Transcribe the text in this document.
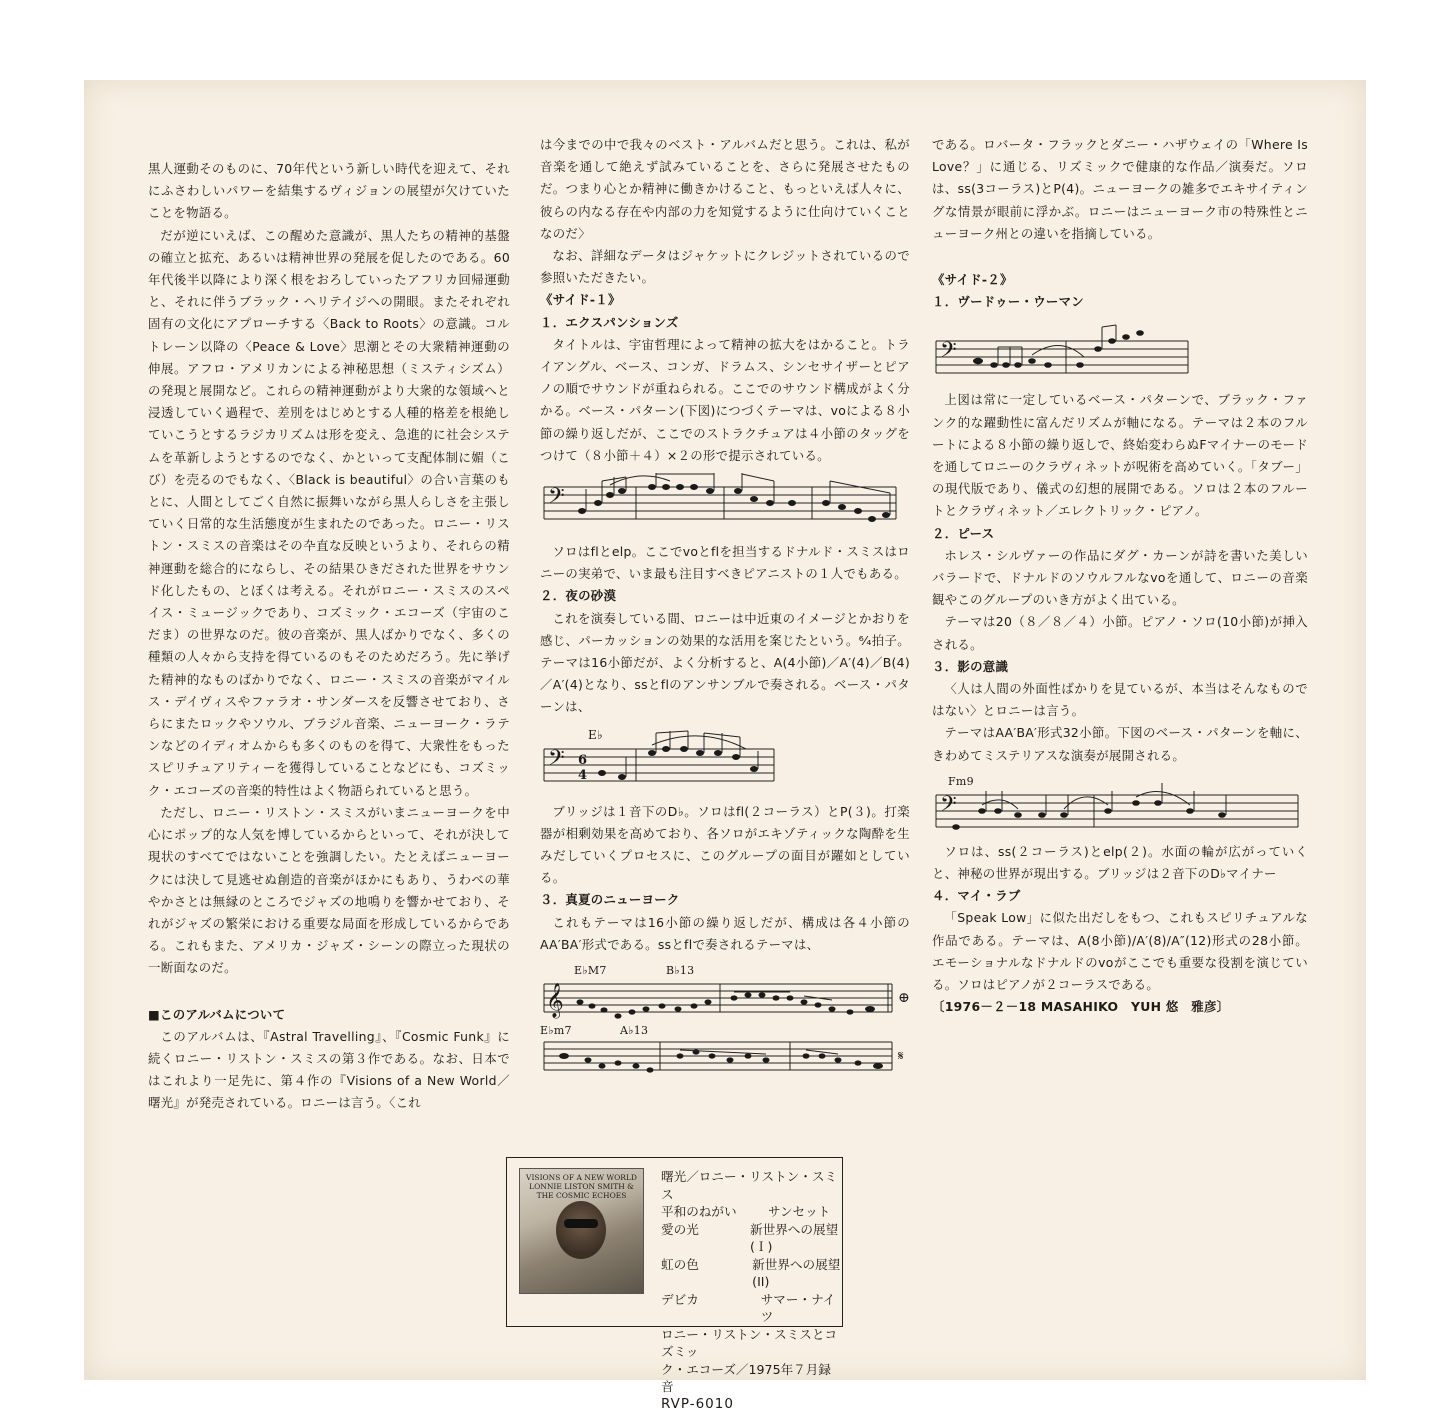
黒人運動そのものに、70年代という新しい時代を迎えて、それにふさわしいパワーを結集するヴィジョンの展望が欠けていたことを物語る。

だが逆にいえば、この醒めた意識が、黒人たちの精神的基盤の確立と拡充、あるいは精神世界の発展を促したのである。60年代後半以降により深く根をおろしていったアフリカ回帰運動と、それに伴うブラック・ヘリテイジへの開眼。またそれぞれ固有の文化にアプローチする〈Back to Roots〉の意識。コルトレーン以降の〈Peace & Love〉思潮とその大衆精神運動の伸展。アフロ・アメリカンによる神秘思想（ミスティシズム）の発現と展開など。これらの精神運動がより大衆的な領域へと浸透していく過程で、差別をはじめとする人種的格差を根絶していこうとするラジカリズムは形を変え、急進的に社会システムを革新しようとするのでなく、かといって支配体制に媚（こび）を売るのでもなく、〈Black is beautiful〉の合い言葉のもとに、人間としてごく自然に振舞いながら黒人らしさを主張していく日常的な生活態度が生まれたのであった。ロニー・リストン・スミスの音楽はその卆直な反映というより、それらの精神運動を総合的にならし、その結果ひきだされた世界をサウンド化したもの、とぼくは考える。それがロニー・スミスのスペイス・ミュージックであり、コズミック・エコーズ（宇宙のこだま）の世界なのだ。彼の音楽が、黒人ばかりでなく、多くの種類の人々から支持を得ているのもそのためだろう。先に挙げた精神的なものばかりでなく、ロニー・スミスの音楽がマイルス・デイヴィスやファラオ・サンダースを反響させており、さらにまたロックやソウル、ブラジル音楽、ニューヨーク・ラテンなどのイディオムからも多くのものを得て、大衆性をもったスピリチュアリティーを獲得していることなどにも、コズミック・エコーズの音楽的特性はよく物語られていると思う。

ただし、ロニー・リストン・スミスがいまニューヨークを中心にポップ的な人気を博しているからといって、それが決して現状のすべてではないことを強調したい。たとえばニューヨークには決して見逃せぬ創造的音楽がほかにもあり、うわべの華やかさとは無縁のところでジャズの地鳴りを響かせており、それがジャズの繁栄における重要な局面を形成しているからである。これもまた、アメリカ・ジャズ・シーンの際立った現状の一断面なのだ。

■このアルバムについて

このアルバムは、『Astral Travelling』、『Cosmic Funk』に続くロニー・リストン・スミスの第３作である。なお、日本ではこれより一足先に、第４作の『Visions of a New World／曙光』が発売されている。ロニーは言う。〈これ

は今までの中で我々のベスト・アルバムだと思う。これは、私が音楽を通して絶えず試みていることを、さらに発展させたものだ。つまり心とか精神に働きかけること、もっといえば人々に、彼らの内なる存在や内部の力を知覚するように仕向けていくことなのだ〉

なお、詳細なデータはジャケットにクレジットされているので参照いただきたい。

《サイド-１》

１．エクスパンションズ

タイトルは、宇宙哲理によって精神の拡大をはかること。トライアングル、ベース、コンガ、ドラムス、シンセサイザーとピアノの順でサウンドが重ねられる。ここでのサウンド構成がよく分かる。ベース・パターン(下図)につづくテーマは、voによる８小節の繰り返しだが、ここでのストラクチュアは４小節のタッグをつけて（８小節＋４）×２の形で提示されている。

𝄢

ソロはflとelp。ここでvoとflを担当するドナルド・スミスはロニーの実弟で、いま最も注目すべきピアニストの１人でもある。

２．夜の砂漠

これを演奏している間、ロニーは中近東のイメージとかおりを感じ、パーカッションの効果的な活用を案じたという。⁶⁄₄拍子。テーマは16小節だが、よく分析すると、A(4小節)／A′(4)／B(4)／A′(4)となり、ssとflのアンサンブルで奏される。ベース・パターンは、

𝄢
E♭
6
4

ブリッジは１音下のD♭。ソロはfl(２コーラス）とP(３)。打楽器が相剰効果を高めており、各ソロがエキゾティックな陶酔を生みだしていくプロセスに、このグループの面目が躍如としている。

３．真夏のニューヨーク

これもテーマは16小節の繰り返しだが、構成は各４小節のAA′BA′形式である。ssとflで奏されるテーマは、

𝄞
E♭M7	B♭13
⊕
E♭m7	A♭13
𝄋

である。ロバータ・フラックとダニー・ハザウェイの「Where Is Love？」に通じる、リズミックで健康的な作品／演奏だ。ソロは、ss(3コーラス)とP(4)。ニューヨークの雑多でエキサイティングな情景が眼前に浮かぶ。ロニーはニューヨーク市の特殊性とニューヨーク州との違いを指摘している。

《サイド-２》

１．ヴードゥー・ウーマン

𝄢

上図は常に一定しているベース・パターンで、ブラック・ファンク的な躍動性に富んだリズムが軸になる。テーマは２本のフルートによる８小節の繰り返しで、終始変わらぬFマイナーのモードを通してロニーのクラヴィネットが呪術を高めていく。「タブー」の現代版であり、儀式の幻想的展開である。ソロは２本のフルートとクラヴィネット／エレクトリック・ピアノ。

２．ピース

ホレス・シルヴァーの作品にダグ・カーンが詩を書いた美しいバラードで、ドナルドのソウルフルなvoを通して、ロニーの音楽観やこのグループのいき方がよく出ている。

テーマは20（８／８／４）小節。ピアノ・ソロ(10小節)が挿入される。

３．影の意識

〈人は人間の外面性ばかりを見ているが、本当はそんなものではない〉とロニーは言う。

テーマはAA′BA′形式32小節。下図のベース・パターンを軸に、きわめてミステリアスな演奏が展開される。

𝄢
Fm9

ソロは、ss(２コーラス)とelp(２)。水面の輪が広がっていくと、神秘の世界が現出する。ブリッジは２音下のD♭マイナー

４．マイ・ラブ

「Speak Low」に似た出だしをもつ、これもスピリチュアルな作品である。テーマは、A(8小節)/A′(8)/A″(12)形式の28小節。エモーショナルなドナルドのvoがここでも重要な役割を演じている。ソロはピアノが２コーラスである。

〔1976－２－18 MASAHIKO　YUH 悠　雅彦〕

VISIONS OF A NEW WORLD LONNIE LISTON SMITH & THE COSMIC ECHOES
曙光／ロニー・リストン・スミス
平和のねがい	サンセット
愛の光	新世界への展望(Ｉ)
虹の色	新世界への展望(II)
デビカ	サマー・ナイツ
ロニー・リストン・スミスとコズミッ
ク・エコーズ／1975年７月録音
RVP-6010
